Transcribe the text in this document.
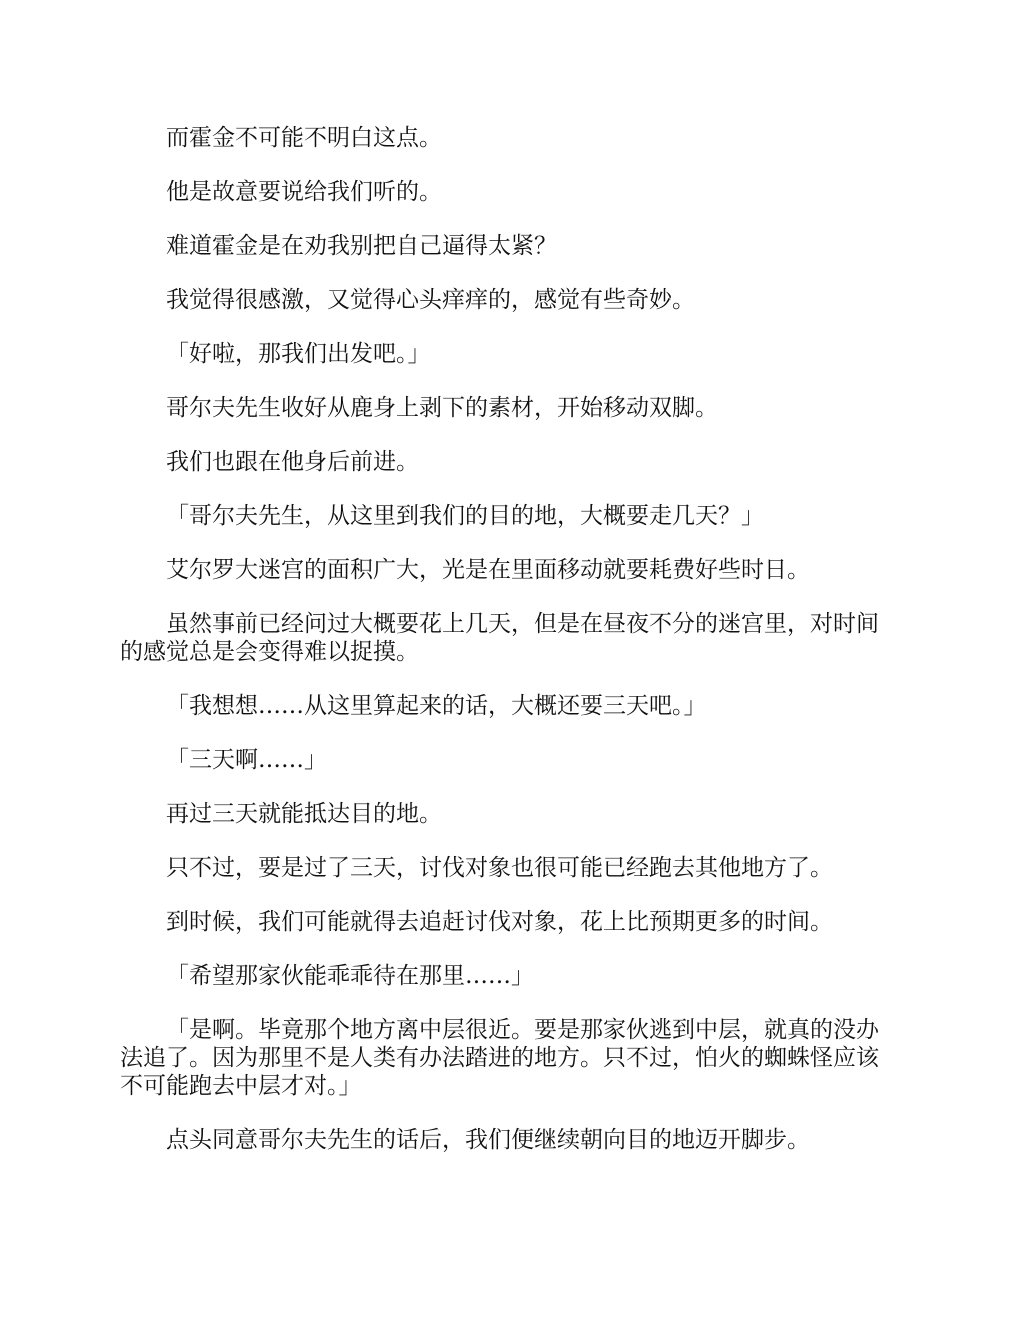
而霍金不可能不明白这点。

他是故意要说给我们听的。

难道霍金是在劝我别把自己逼得太紧？

我觉得很感激，又觉得心头痒痒的，感觉有些奇妙。

「好啦，那我们出发吧。」

哥尔夫先生收好从鹿身上剥下的素材，开始移动双脚。

我们也跟在他身后前进。

「哥尔夫先生，从这里到我们的目的地，大概要走几天？」

艾尔罗大迷宫的面积广大，光是在里面移动就要耗费好些时日。

虽然事前已经问过大概要花上几天，但是在昼夜不分的迷宫里，对时间的感觉总是会变得难以捉摸。

「我想想……从这里算起来的话，大概还要三天吧。」

「三天啊……」

再过三天就能抵达目的地。

只不过，要是过了三天，讨伐对象也很可能已经跑去其他地方了。

到时候，我们可能就得去追赶讨伐对象，花上比预期更多的时间。

「希望那家伙能乖乖待在那里……」

「是啊。毕竟那个地方离中层很近。要是那家伙逃到中层，就真的没办法追了。因为那里不是人类有办法踏进的地方。只不过，怕火的蜘蛛怪应该不可能跑去中层才对。」

点头同意哥尔夫先生的话后，我们便继续朝向目的地迈开脚步。
